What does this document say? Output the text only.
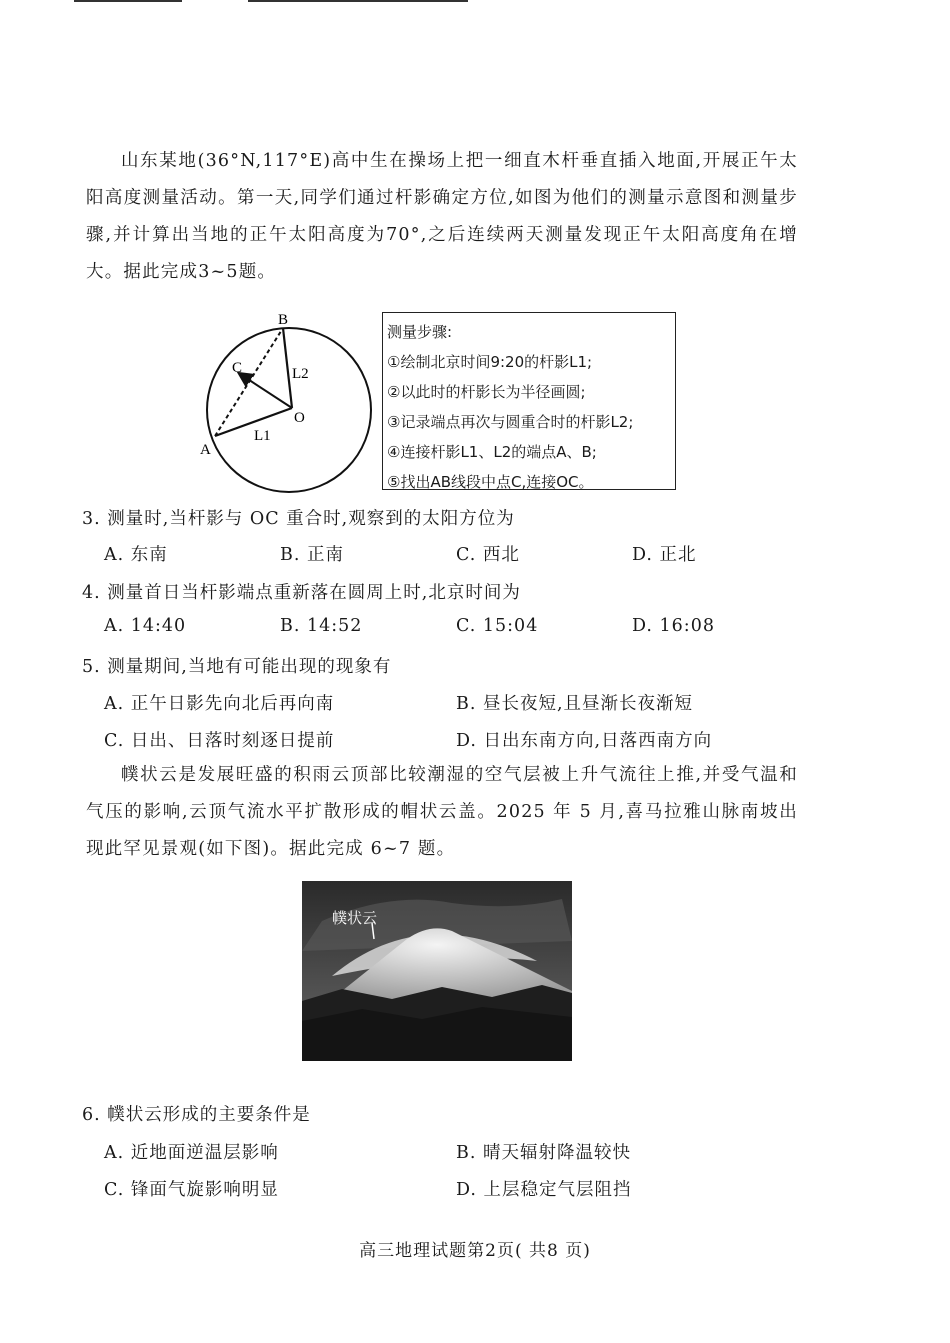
山东某地(36°N,117°E)高中生在操场上把一细直木杆垂直插入地面,开展正午太阳高度测量活动。第一天,同学们通过杆影确定方位,如图为他们的测量示意图和测量步骤,并计算出当地的正午太阳高度为70°,之后连续两天测量发现正午太阳高度角在增大。据此完成3~5题。

B
C
A
O
L1
L2
测量步骤:
①绘制北京时间9:20的杆影L1;
②以此时的杆影长为半径画圆;
③记录端点再次与圆重合时的杆影L2;
④连接杆影L1、L2的端点A、B;
⑤找出AB线段中点C,连接OC。

3. 测量时,当杆影与 OC 重合时,观察到的太阳方位为

A. 东南	B. 正南	C. 西北	D. 正北

4. 测量首日当杆影端点重新落在圆周上时,北京时间为

A. 14:40	B. 14:52	C. 15:04	D. 16:08

5. 测量期间,当地有可能出现的现象有

A. 正午日影先向北后再向南	B. 昼长夜短,且昼渐长夜渐短

C. 日出、日落时刻逐日提前	D. 日出东南方向,日落西南方向

幞状云是发展旺盛的积雨云顶部比较潮湿的空气层被上升气流往上推,并受气温和气压的影响,云顶气流水平扩散形成的帽状云盖。2025 年 5 月,喜马拉雅山脉南坡出现此罕见景观(如下图)。据此完成 6~7 题。

幞状云

6. 幞状云形成的主要条件是

A. 近地面逆温层影响	B. 晴天辐射降温较快

C. 锋面气旋影响明显	D. 上层稳定气层阻挡

高三地理试题第2页( 共8 页)
